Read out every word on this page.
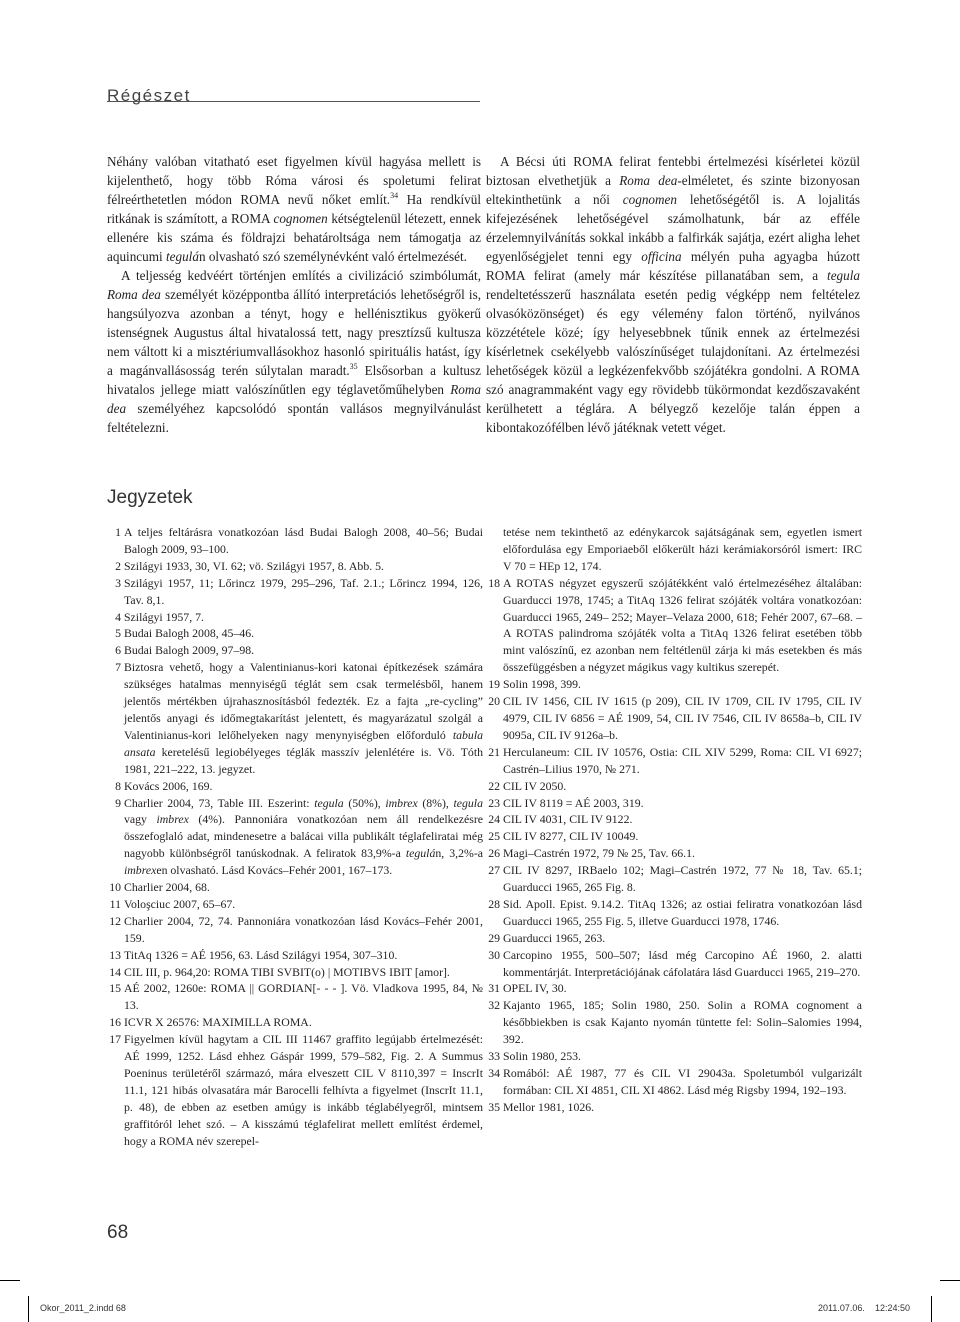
Régészet

Néhány valóban vitatható eset figyelmen kívül hagyása mellett is kijelenthető, hogy több Róma városi és spoletumi felirat félreérthetetlen módon ROMA nevű nőket említ.$^{34}$ Ha rendkívül ritkának is számított, a ROMA cognomen kétségtelenül létezett, ennek ellenére kis száma és földrajzi behatároltsága nem támogatja az aquincumi tegulán olvasható szó személynévként való értelmezését.

A teljesség kedvéért történjen említés a civilizáció szimbólumát, Roma dea személyét középpontba állító interpretációs lehetőségről is, hangsúlyozva azonban a tényt, hogy e hellénisztikus gyökerű istenségnek Augustus által hivatalossá tett, nagy presztízsű kultusza nem váltott ki a misztériumvallásokhoz hasonló spirituális hatást, így a magánvallásosság terén súlytalan maradt.$^{35}$ Elsősorban a kultusz hivatalos jellege miatt valószínűtlen egy téglavetőműhelyben Roma dea személyéhez kapcsolódó spontán vallásos megnyilvánulást feltételezni.

A Bécsi úti ROMA felirat fentebbi értelmezési kísérletei közül biztosan elvethetjük a Roma dea-elméletet, és szinte bizonyosan eltekinthetünk a női cognomen lehetőségétől is. A lojalitás kifejezésének lehetőségével számolhatunk, bár az efféle érzelemnyilvánítás sokkal inkább a falfirkák sajátja, ezért aligha lehet egyenlőségjelet tenni egy officina mélyén puha agyagba húzott ROMA felirat (amely már készítése pillanatában sem, a tegula rendeltetésszerű használata esetén pedig végképp nem feltételez olvasóközönséget) és egy vélemény falon történő, nyilvános közzététele közé; így helyesebbnek tűnik ennek az értelmezési kísérletnek csekélyebb valószínűséget tulajdonítani. Az értelmezési lehetőségek közül a legkézenfekvőbb szójátékra gondolni. A ROMA szó anagrammaként vagy egy rövidebb tükörmondat kezdőszavaként kerülhetett a téglára. A bélyegző kezelője talán éppen a kibontakozófélben lévő játéknak vetett véget.

Jegyzetek
1 A teljes feltárásra vonatkozóan lásd Budai Balogh 2008, 40–56; Budai Balogh 2009, 93–100.
2 Szilágyi 1933, 30, VI. 62; vö. Szilágyi 1957, 8. Abb. 5.
3 Szilágyi 1957, 11; Lőrincz 1979, 295–296, Taf. 2.1.; Lőrincz 1994, 126, Tav. 8,1.
4 Szilágyi 1957, 7.
5 Budai Balogh 2008, 45–46.
6 Budai Balogh 2009, 97–98.
7 Biztosra vehető, hogy a Valentinianus-kori katonai építkezések számára szükséges hatalmas mennyiségű téglát sem csak termelésből, hanem jelentős mértékben újrahasznosításból fedezték. Ez a fajta „re-cycling” jelentős anyagi és időmegtakarítást jelentett, és magyarázatul szolgál a Valentinianus-kori lelőhelyeken nagy menynyiségben előforduló tabula ansata keretelésű legiobélyeges téglák masszív jelenlétére is. Vö. Tóth 1981, 221–222, 13. jegyzet.
8 Kovács 2006, 169.
9 Charlier 2004, 73, Table III. Eszerint: tegula (50%), imbrex (8%), tegula vagy imbrex (4%). Pannoniára vonatkozóan nem áll rendelkezésre összefoglaló adat, mindenesetre a balácai villa publikált téglafeliratai még nagyobb különbségről tanúskodnak. A feliratok 83,9%-a tegulán, 3,2%-a imbrexen olvasható. Lásd Kovács–Fehér 2001, 167–173.
10 Charlier 2004, 68.
11 Voloşciuc 2007, 65–67.
12 Charlier 2004, 72, 74. Pannoniára vonatkozóan lásd Kovács–Fehér 2001, 159.
13 TitAq 1326 = AÉ 1956, 63. Lásd Szilágyi 1954, 307–310.
14 CIL III, p. 964,20: ROMA TIBI SVBIT(o) | MOTIBVS IBIT [amor].
15 AÉ 2002, 1260e: ROMA || GORDIAN[- - - ]. Vö. Vladkova 1995, 84, № 13.
16 ICVR X 26576: MAXIMILLA ROMA.
17 Figyelmen kívül hagytam a CIL III 11467 graffito legújabb értelmezését: AÉ 1999, 1252. Lásd ehhez Gáspár 1999, 579–582, Fig. 2. A Summus Poeninus területéről származó, mára elveszett CIL V 8110,397 = InscrIt 11.1, 121 hibás olvasatára már Barocelli felhívta a figyelmet (InscrIt 11.1, p. 48), de ebben az esetben amúgy is inkább téglabélyegről, mintsem graffitóról lehet szó. – A kisszámú téglafelirat mellett említést érdemel, hogy a ROMA név szerepel-
tetése nem tekinthető az edénykarcok sajátságának sem, egyetlen ismert előfordulása egy Emporiaeből előkerült házi kerámiakorsóról ismert: IRC V 70 = HEp 12, 174.
18 A ROTAS négyzet egyszerű szójátékként való értelmezéséhez általában: Guarducci 1978, 1745; a TitAq 1326 felirat szójáték voltára vonatkozóan: Guarducci 1965, 249– 252; Mayer–Velaza 2000, 618; Fehér 2007, 67–68. – A ROTAS palindroma szójáték volta a TitAq 1326 felirat esetében több mint valószínű, ez azonban nem feltétlenül zárja ki más esetekben és más összefüggésben a négyzet mágikus vagy kultikus szerepét.
19 Solin 1998, 399.
20 CIL IV 1456, CIL IV 1615 (p 209), CIL IV 1709, CIL IV 1795, CIL IV 4979, CIL IV 6856 = AÉ 1909, 54, CIL IV 7546, CIL IV 8658a–b, CIL IV 9095a, CIL IV 9126a–b.
21 Herculaneum: CIL IV 10576, Ostia: CIL XIV 5299, Roma: CIL VI 6927; Castrén–Lilius 1970, № 271.
22 CIL IV 2050.
23 CIL IV 8119 = AÉ 2003, 319.
24 CIL IV 4031, CIL IV 9122.
25 CIL IV 8277, CIL IV 10049.
26 Magi–Castrén 1972, 79 № 25, Tav. 66.1.
27 CIL IV 8297, IRBaelo 102; Magi–Castrén 1972, 77 № 18, Tav. 65.1; Guarducci 1965, 265 Fig. 8.
28 Sid. Apoll. Epist. 9.14.2. TitAq 1326; az ostiai feliratra vonatkozóan lásd Guarducci 1965, 255 Fig. 5, illetve Guarducci 1978, 1746.
29 Guarducci 1965, 263.
30 Carcopino 1955, 500–507; lásd még Carcopino AÉ 1960, 2. alatti kommentárját. Interpretációjának cáfolatára lásd Guarducci 1965, 219–270.
31 OPEL IV, 30.
32 Kajanto 1965, 185; Solin 1980, 250. Solin a ROMA cognoment a későbbiekben is csak Kajanto nyomán tüntette fel: Solin–Salomies 1994, 392.
33 Solin 1980, 253.
34 Romából: AÉ 1987, 77 és CIL VI 29043a. Spoletumból vulgarizált formában: CIL XI 4851, CIL XI 4862. Lásd még Rigsby 1994, 192–193.
35 Mellor 1981, 1026.
68
Okor_2011_2.indd 68	2011.07.06. 12:24:50
